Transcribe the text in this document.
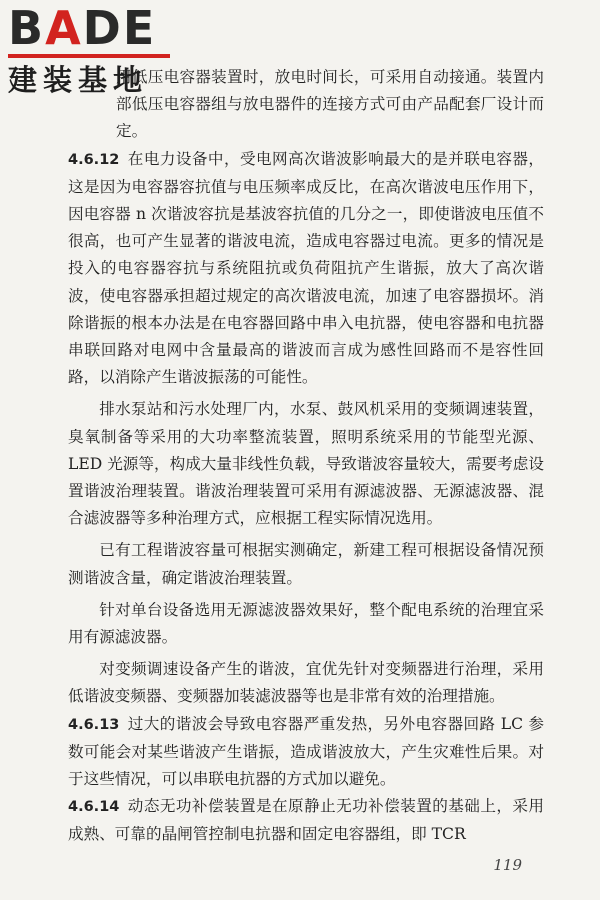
BADE
建装基地

用低压电容器装置时，放电时间长，可采用自动接通。装置内部低压电容器组与放电器件的连接方式可由产品配套厂设计而定。

4.6.12 在电力设备中，受电网高次谐波影响最大的是并联电容器，这是因为电容器容抗值与电压频率成反比，在高次谐波电压作用下，因电容器 n 次谐波容抗是基波容抗值的几分之一，即使谐波电压值不很高，也可产生显著的谐波电流，造成电容器过电流。更多的情况是投入的电容器容抗与系统阻抗或负荷阻抗产生谐振，放大了高次谐波，使电容器承担超过规定的高次谐波电流，加速了电容器损坏。消除谐振的根本办法是在电容器回路中串入电抗器，使电容器和电抗器串联回路对电网中含量最高的谐波而言成为感性回路而不是容性回路，以消除产生谐波振荡的可能性。

排水泵站和污水处理厂内，水泵、鼓风机采用的变频调速装置，臭氧制备等采用的大功率整流装置，照明系统采用的节能型光源、LED 光源等，构成大量非线性负载，导致谐波容量较大，需要考虑设置谐波治理装置。谐波治理装置可采用有源滤波器、无源滤波器、混合滤波器等多种治理方式，应根据工程实际情况选用。

已有工程谐波容量可根据实测确定，新建工程可根据设备情况预测谐波含量，确定谐波治理装置。

针对单台设备选用无源滤波器效果好，整个配电系统的治理宜采用有源滤波器。

对变频调速设备产生的谐波，宜优先针对变频器进行治理，采用低谐波变频器、变频器加装滤波器等也是非常有效的治理措施。

4.6.13 过大的谐波会导致电容器严重发热，另外电容器回路 LC 参数可能会对某些谐波产生谐振，造成谐波放大，产生灾难性后果。对于这些情况，可以串联电抗器的方式加以避免。

4.6.14 动态无功补偿装置是在原静止无功补偿装置的基础上，采用成熟、可靠的晶闸管控制电抗器和固定电容器组，即 TCR

119
